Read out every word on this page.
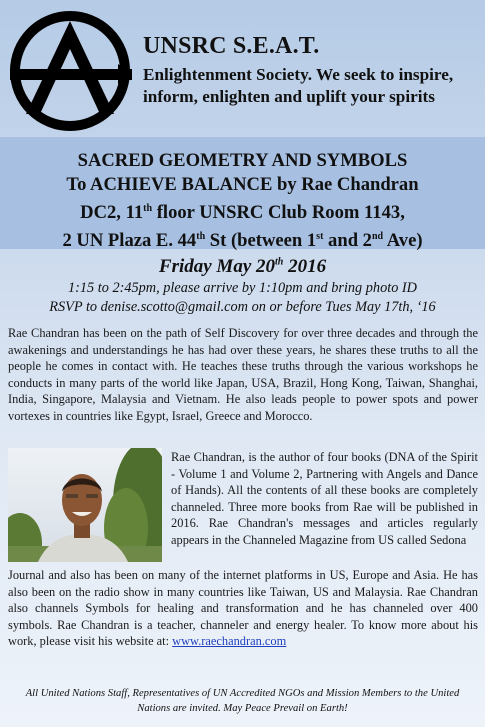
UNSRC S.E.A.T.
Enlightenment Society. We seek to inspire, inform, enlighten and uplift your spirits
SACRED GEOMETRY AND SYMBOLS
To ACHIEVE BALANCE by Rae Chandran
DC2, 11th floor UNSRC Club Room 1143,
2 UN Plaza E. 44th St (between 1st and 2nd Ave)
Friday May 20th 2016
1:15 to 2:45pm, please arrive by 1:10pm and bring photo ID
RSVP to denise.scotto@gmail.com on or before Tues May 17th, ‘16
Rae Chandran has been on the path of Self Discovery for over three decades and through the awakenings and understandings he has had over these years, he shares these truths to all the people he comes in contact with. He teaches these truths through the various workshops he conducts in many parts of the world like Japan, USA, Brazil, Hong Kong, Taiwan, Shanghai, India, Singapore, Malaysia and Vietnam. He also leads people to power spots and power vortexes in countries like Egypt, Israel, Greece and Morocco.
Rae Chandran, is the author of four books (DNA of the Spirit - Volume 1 and Volume 2, Partnering with Angels and Dance of Hands). All the contents of all these books are completely channeled. Three more books from Rae will be published in 2016. Rae Chandran's messages and articles regularly appears in the Channeled Magazine from US called Sedona
Journal and also has been on many of the internet platforms in US, Europe and Asia. He has also been on the radio show in many countries like Taiwan, US and Malaysia. Rae Chandran also channels Symbols for healing and transformation and he has channeled over 400 symbols. Rae Chandran is a teacher, channeler and energy healer. To know more about his work, please visit his website at: www.raechandran.com
All United Nations Staff, Representatives of UN Accredited NGOs and Mission Members to the United Nations are invited. May Peace Prevail on Earth!
